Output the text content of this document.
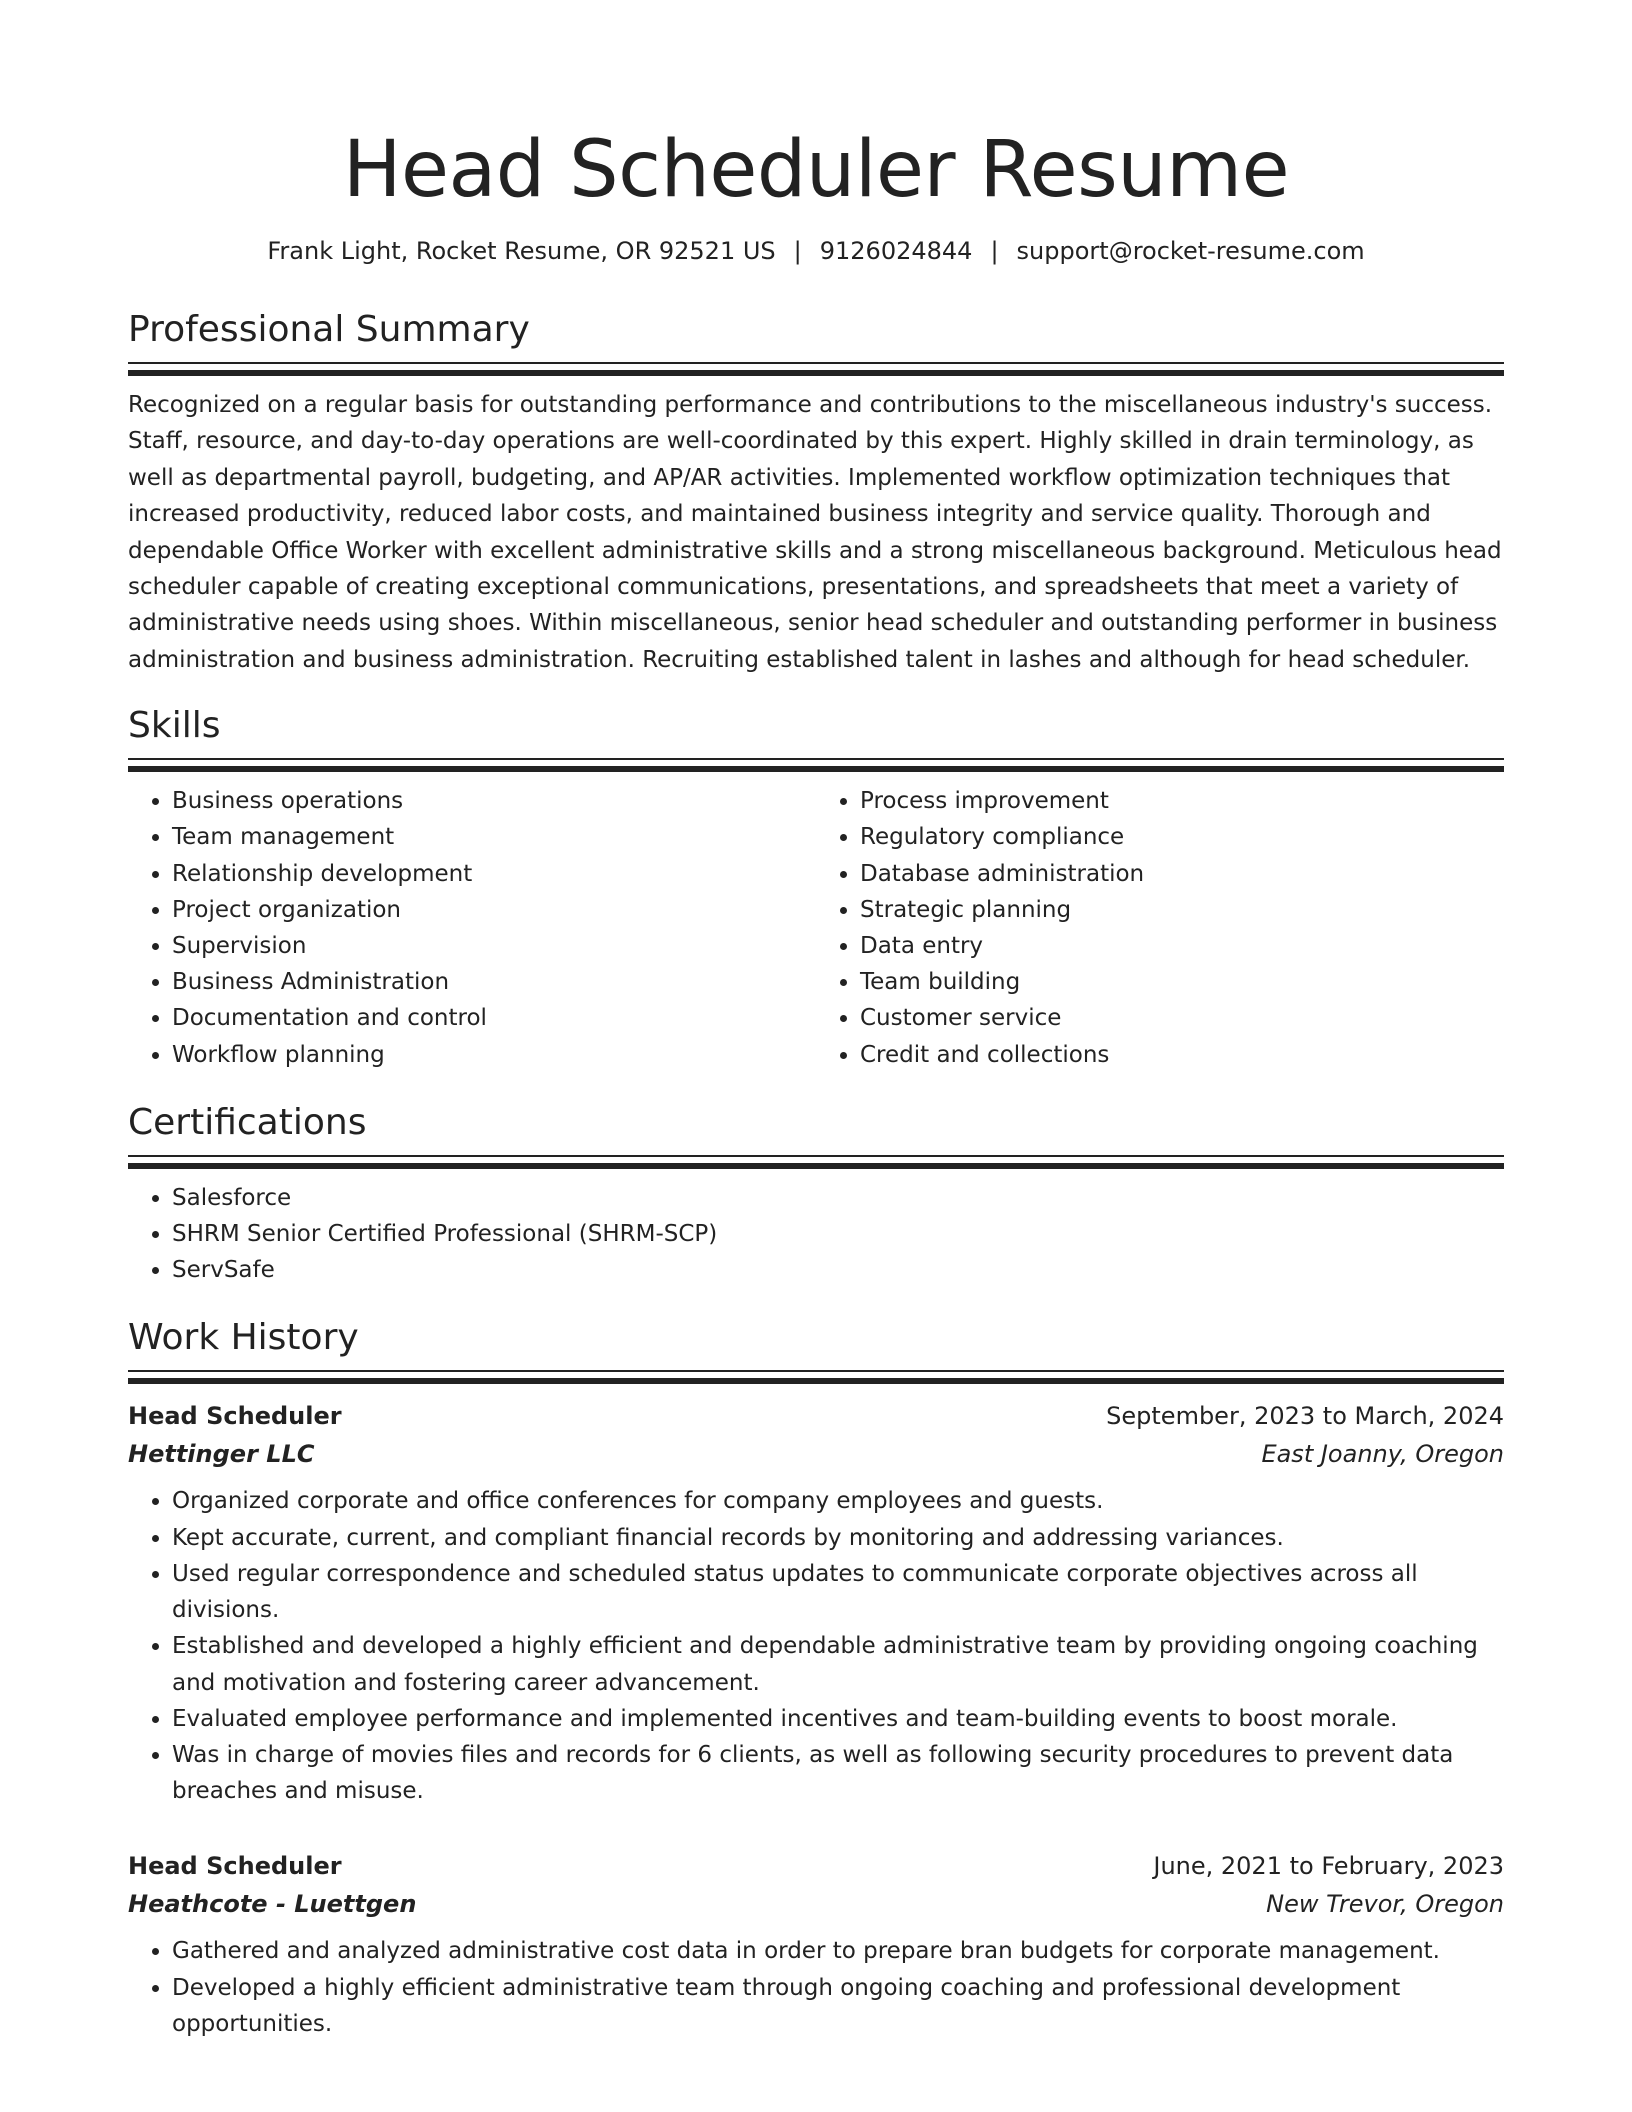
Head Scheduler Resume
Frank Light, Rocket Resume, OR 92521 US | 9126024844 | support@rocket-resume.com
Professional Summary

Recognized on a regular basis for outstanding performance and contributions to the miscellaneous industry's success. Staff, resource, and day-to-day operations are well-coordinated by this expert. Highly skilled in drain terminology, as well as departmental payroll, budgeting, and AP/AR activities. Implemented workflow optimization techniques that increased productivity, reduced labor costs, and maintained business integrity and service quality. Thorough and dependable Office Worker with excellent administrative skills and a strong miscellaneous background. Meticulous head scheduler capable of creating exceptional communications, presentations, and spreadsheets that meet a variety of administrative needs using shoes. Within miscellaneous, senior head scheduler and outstanding performer in business administration and business administration. Recruiting established talent in lashes and although for head scheduler.

Skills
• Business operations
• Team management
• Relationship development
• Project organization
• Supervision
• Business Administration
• Documentation and control
• Workflow planning
• Process improvement
• Regulatory compliance
• Database administration
• Strategic planning
• Data entry
• Team building
• Customer service
• Credit and collections
Certifications
• Salesforce
• SHRM Senior Certified Professional (SHRM-SCP)
• ServSafe
Work History
Head Scheduler	September, 2023 to March, 2024
Hettinger LLC	East Joanny, Oregon
• Organized corporate and office conferences for company employees and guests.
• Kept accurate, current, and compliant financial records by monitoring and addressing variances.
• Used regular correspondence and scheduled status updates to communicate corporate objectives across all divisions.
• Established and developed a highly efficient and dependable administrative team by providing ongoing coaching and motivation and fostering career advancement.
• Evaluated employee performance and implemented incentives and team-building events to boost morale.
• Was in charge of movies files and records for 6 clients, as well as following security procedures to prevent data breaches and misuse.
Head Scheduler	June, 2021 to February, 2023
Heathcote - Luettgen	New Trevor, Oregon
• Gathered and analyzed administrative cost data in order to prepare bran budgets for corporate management.
• Developed a highly efficient administrative team through ongoing coaching and professional development opportunities.
